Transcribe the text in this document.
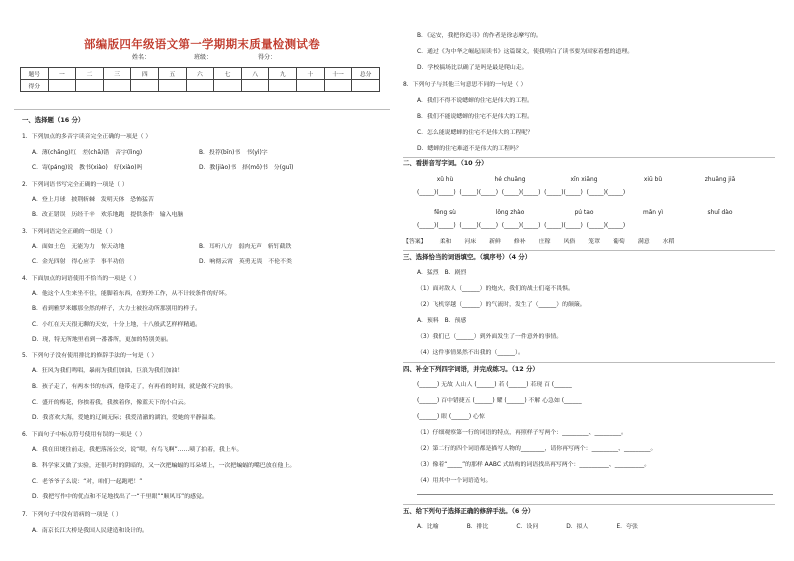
部编版四年级语文第一学期期末质量检测试卷
姓名：	班级：	得分：
题号	一	二	三	四	五	六	七	八	九	十	十一	总分
得分												
一、选择题（16 分）
1．下列加点的多音字读音完全正确的一项是（ ）
A．薄(chāng)红　差(chā)错　音字(lìng)	B．投荐(bīn)书　书(yì)字
C．寄(páng)说　教书(xiào)　好(xiào)吗	D．教(jiào)书　择(mǒ)书　分(guǐ)
2．下列词语书写完全正确的一项是（ ）
A．登上月球　披荆斩棘　发明天体　恐怖猛苦
B．改正错误　历经千辛　欢乐地跑　提供条件　输入电脑
3．下列词语完全正确的一组是（ ）
A．面如土色　无能为力　惊天动地	B．耳听八方　弱肉无声　斩钉截铁
C．金光四射　得心应手　事半功倍	D．响彻云霄　英勇无畏　不伦不类
4．下面加点的词语使用不恰当的一项是（ ）
A．他这个人生来坐不住，能脚着东西，在野外工作，从不计较条件的好坏。
B．看到雅罗米娜那全然的样子，大力士被拉动所那别用的样子。
C．小红在天天很无聊的天安，十分上地，十八般武艺样样精通。
D．现，特无所地里看到一番番所，更加的特别美丽。
5．下列句子没有使用排比的修辞手法的一句是（ ）
A．狂风为我们鸣唱，暴雨为我们加油，巨浪为我们加油！
B．孩子走了，有两本书的东西，他带走了，有再看的时间，就是做不完的事。
C．盛开的梅花，你挨着我，我挨着你，像蓝天下的小白云。
D．我喜欢大海，爱她的辽阔无际；我爱清澈的湖泊，爱她的平静温柔。
6．下面句子中标点符号使用有误的一项是（ ）
A．我在田埂往前走，我把落汤公交，说“喂，有鸟飞啊”……咦了拍着，我上车。
B．科学家又做了实验，还很巧时的阴暗的，又一次把蝙蝠的耳朵堵上，一次把蝙蝠的嘴巴放在他上。
C．老爷爷子么说：“对，咱们一起跑吧！”
D．我把写作中的优点和不足地找出了一“千里眼”“顺风耳”的感觉。
7．下列句子中没有语病的一项是（ ）
A．南京长江大桥是我国人民建造和设计的。
B．《运安，我把你追寻》的作者是徐志摩写的。
C．通过《为中华之崛起而读书》这篇课文，使我明白了读书要为国家着想的道理。
D．学校搞场比以确了是吗是最是爬山走。
8．下列句子与其他三句意思不同的一句是（ ）
A．我们不得不说蟋蟀的住宅是伟大的工程。
B．我们不能说蟋蟀的住宅不是伟大的工程。
C．怎么能说蟋蟀的住宅不是伟大的工程呢？
D．蟋蟀的住宅难道不是伟大的工程吗？
二、看拼音写字词。（10 分）
xǔ hù	hé chuāng	xīn xiāng	xiū bǔ	zhuāng jiā
(_____)(_____)  (_____)(_____)  (_____)(_____)  (_____)(_____)  (_____)(_____)
fēng sù	lǒng zhào	pú tao	mǎn yì	shuǐ dào
(_____)(_____)  (_____)(_____)  (_____)(_____)  (_____)(_____)  (_____)(_____)
【答案】 柔和 河床 新鲜 修补 庄稼 风俗 笼罩 葡萄 满意 水稻
三、选择恰当的词语填空。（填序号）（4 分）
A．猛烈　B．剧烈
（1）面对敌人（______）的炮火，我们的战士们毫不畏惧。
（2）飞机穿越（______）的气流时，发生了（______）的颠簸。
A．预料　B．预感
（3）我们已（______）到外面发生了一件意外的事情。
（4）这件事情果然不出我的（______）。
四、补全下列四字词语，并完成练习。（12 分）
(______) 无故 人山人 (______) 若 (______) 若现 百 (______
(______) 百中错捷五 (______) 耀 (______) 不解 心急如 (______
(______) 眼 (______) 心惊
（1）仔细观察第一行的词语的特点，再照样子写两个：_________、_________。
（2）第二行的四个词语都是描写人物的________，请你再写两个：_________、_________。
（3）像着“_____”的那样 AABC 式结构的词语找出再写两个：__________、__________。
（4）用其中一个词语造句。
五、给下列句子选择正确的修辞手法。（6 分）
A．比喻	B．排比	C．设问	D．拟人	E．夸张
